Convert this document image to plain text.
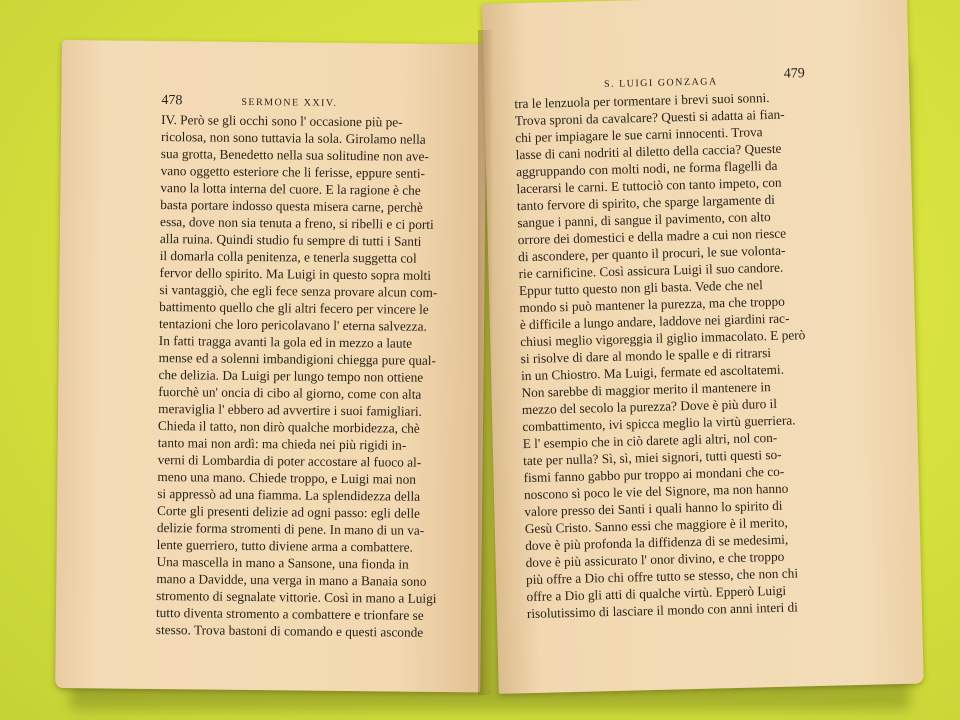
478	SERMONE XXIV.
IV. Però se gli occhi sono l' occasione più pe-
ricolosa, non sono tuttavia la sola. Girolamo nella
sua grotta, Benedetto nella sua solitudine non ave-
vano oggetto esteriore che li ferisse, eppure senti-
vano la lotta interna del cuore. E la ragione è che
basta portare indosso questa misera carne, perchè
essa, dove non sia tenuta a freno, si ribelli e ci porti
alla ruina. Quindi studio fu sempre di tutti i Santi
il domarla colla penitenza, e tenerla suggetta col
fervor dello spirito. Ma Luigi in questo sopra molti
si vantaggiò, che egli fece senza provare alcun com-
battimento quello che gli altri fecero per vincere le
tentazioni che loro pericolavano l' eterna salvezza.
In fatti tragga avanti la gola ed in mezzo a laute
mense ed a solenni imbandigioni chiegga pure qual-
che delizia. Da Luigi per lungo tempo non ottiene
fuorchè un' oncia di cibo al giorno, come con alta
meraviglia l' ebbero ad avvertire i suoi famigliari.
Chieda il tatto, non dirò qualche morbidezza, chè
tanto mai non ardì: ma chieda nei più rigidi in-
verni di Lombardia di poter accostare al fuoco al-
meno una mano. Chiede troppo, e Luigi mai non
si appressò ad una fiamma. La splendidezza della
Corte gli presenti delizie ad ogni passo: egli delle
delizie forma stromenti di pene. In mano di un va-
lente guerriero, tutto diviene arma a combattere.
Una mascella in mano a Sansone, una fionda in
mano a Davidde, una verga in mano a Banaia sono
stromento di segnalate vittorie. Così in mano a Luigi
tutto diventa stromento a combattere e trionfare se
stesso. Trova bastoni di comando e questi asconde
S. LUIGI GONZAGA
479
tra le lenzuola per tormentare i brevi suoi sonni.
Trova sproni da cavalcare? Questi si adatta ai fian-
chi per impiagare le sue carni innocenti. Trova
lasse di cani nodriti al diletto della caccia? Queste
aggruppando con molti nodi, ne forma flagelli da
lacerarsi le carni. E tuttociò con tanto impeto, con
tanto fervore di spirito, che sparge largamente di
sangue i panni, di sangue il pavimento, con alto
orrore dei domestici e della madre a cui non riesce
di ascondere, per quanto il procuri, le sue volonta-
rie carnificine. Così assicura Luigi il suo candore.
Eppur tutto questo non gli basta. Vede che nel
mondo si può mantener la purezza, ma che troppo
è difficile a lungo andare, laddove nei giardini rac-
chiusi meglio vigoreggia il giglio immacolato. E però
si risolve di dare al mondo le spalle e di ritrarsi
in un Chiostro. Ma Luigi, fermate ed ascoltatemi.
Non sarebbe di maggior merito il mantenere in
mezzo del secolo la purezza? Dove è più duro il
combattimento, ivi spicca meglio la virtù guerriera.
E l' esempio che in ciò darete agli altri, nol con-
tate per nulla? Sì, sì, miei signori, tutti questi so-
fismi fanno gabbo pur troppo ai mondani che co-
noscono sì poco le vie del Signore, ma non hanno
valore presso dei Santi i quali hanno lo spirito di
Gesù Cristo. Sanno essi che maggiore è il merito,
dove è più profonda la diffidenza di se medesimi,
dove è più assicurato l' onor divino, e che troppo
più offre a Dio chi offre tutto se stesso, che non chi
offre a Dio gli atti di qualche virtù. Epperò Luigi
risolutissimo di lasciare il mondo con anni interi di
